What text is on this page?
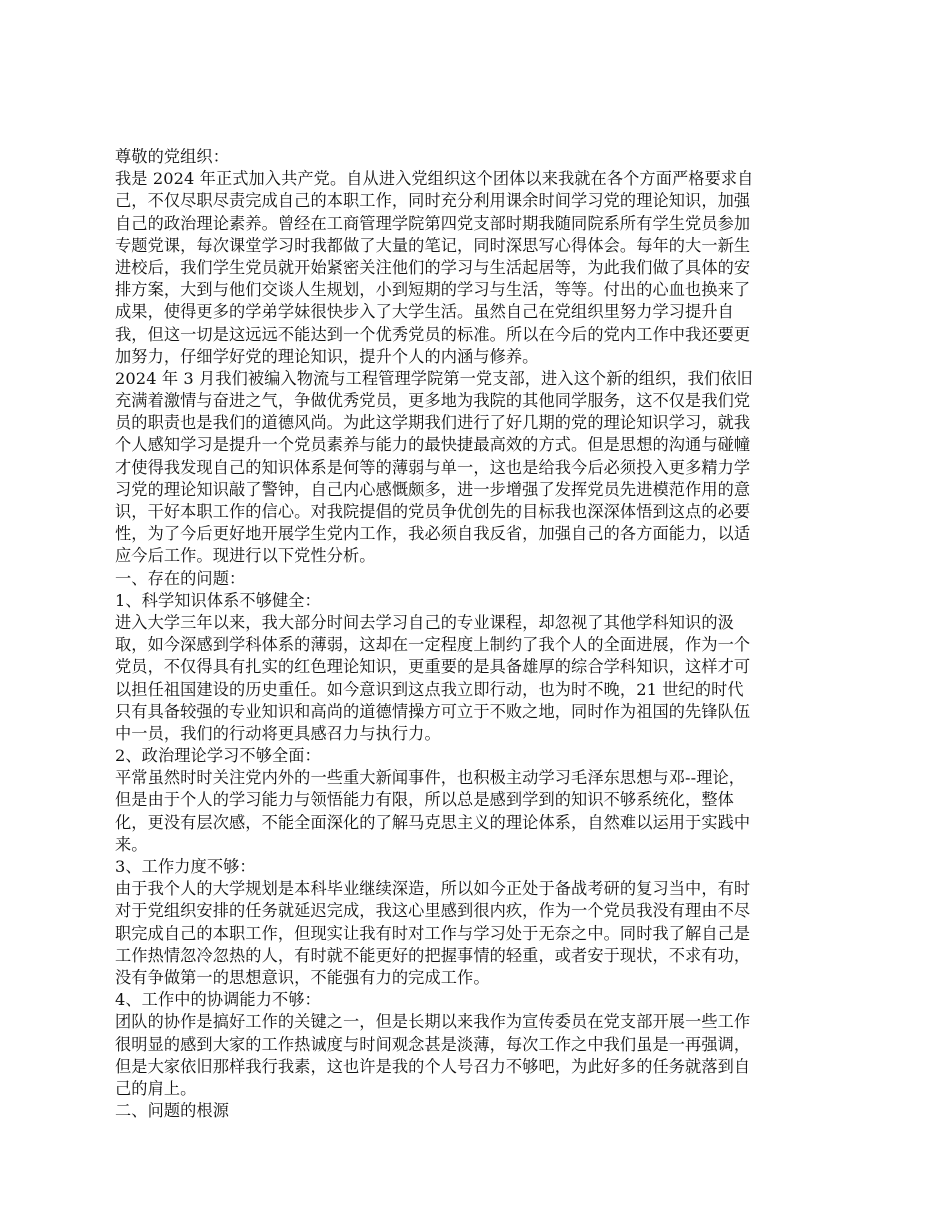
尊敬的党组织：
我是 2024 年正式加入共产党。自从进入党组织这个团体以来我就在各个方面严格要求自
己，不仅尽职尽责完成自己的本职工作，同时充分利用课余时间学习党的理论知识，加强
自己的政治理论素养。曾经在工商管理学院第四党支部时期我随同院系所有学生党员参加
专题党课，每次课堂学习时我都做了大量的笔记，同时深思写心得体会。每年的大一新生
进校后，我们学生党员就开始紧密关注他们的学习与生活起居等，为此我们做了具体的安
排方案，大到与他们交谈人生规划，小到短期的学习与生活，等等。付出的心血也换来了
成果，使得更多的学弟学妹很快步入了大学生活。虽然自己在党组织里努力学习提升自
我，但这一切是这远远不能达到一个优秀党员的标准。所以在今后的党内工作中我还要更
加努力，仔细学好党的理论知识，提升个人的内涵与修养。
2024 年 3 月我们被编入物流与工程管理学院第一党支部，进入这个新的组织，我们依旧
充满着激情与奋进之气，争做优秀党员，更多地为我院的其他同学服务，这不仅是我们党
员的职责也是我们的道德风尚。为此这学期我们进行了好几期的党的理论知识学习，就我
个人感知学习是提升一个党员素养与能力的最快捷最高效的方式。但是思想的沟通与碰幢
才使得我发现自己的知识体系是何等的薄弱与单一，这也是给我今后必须投入更多精力学
习党的理论知识敲了警钟，自己内心感慨颇多，进一步增强了发挥党员先进模范作用的意
识，干好本职工作的信心。对我院提倡的党员争优创先的目标我也深深体悟到这点的必要
性，为了今后更好地开展学生党内工作，我必须自我反省，加强自己的各方面能力，以适
应今后工作。现进行以下党性分析。
一、存在的问题：
1、科学知识体系不够健全：
进入大学三年以来，我大部分时间去学习自己的专业课程，却忽视了其他学科知识的汲
取，如今深感到学科体系的薄弱，这却在一定程度上制约了我个人的全面进展，作为一个
党员，不仅得具有扎实的红色理论知识，更重要的是具备雄厚的综合学科知识，这样才可
以担任祖国建设的历史重任。如今意识到这点我立即行动，也为时不晚，21 世纪的时代
只有具备较强的专业知识和高尚的道德情操方可立于不败之地，同时作为祖国的先锋队伍
中一员，我们的行动将更具感召力与执行力。
2、政治理论学习不够全面：
平常虽然时时关注党内外的一些重大新闻事件，也积极主动学习毛泽东思想与邓--理论，
但是由于个人的学习能力与领悟能力有限，所以总是感到学到的知识不够系统化，整体
化，更没有层次感，不能全面深化的了解马克思主义的理论体系，自然难以运用于实践中
来。
3、工作力度不够：
由于我个人的大学规划是本科毕业继续深造，所以如今正处于备战考研的复习当中，有时
对于党组织安排的任务就延迟完成，我这心里感到很内疚，作为一个党员我没有理由不尽
职完成自己的本职工作，但现实让我有时对工作与学习处于无奈之中。同时我了解自己是
工作热情忽冷忽热的人，有时就不能更好的把握事情的轻重，或者安于现状，不求有功，
没有争做第一的思想意识，不能强有力的完成工作。
4、工作中的协调能力不够：
团队的协作是搞好工作的关键之一，但是长期以来我作为宣传委员在党支部开展一些工作
很明显的感到大家的工作热诚度与时间观念甚是淡薄，每次工作之中我们虽是一再强调，
但是大家依旧那样我行我素，这也许是我的个人号召力不够吧，为此好多的任务就落到自
己的肩上。
二、问题的根源
